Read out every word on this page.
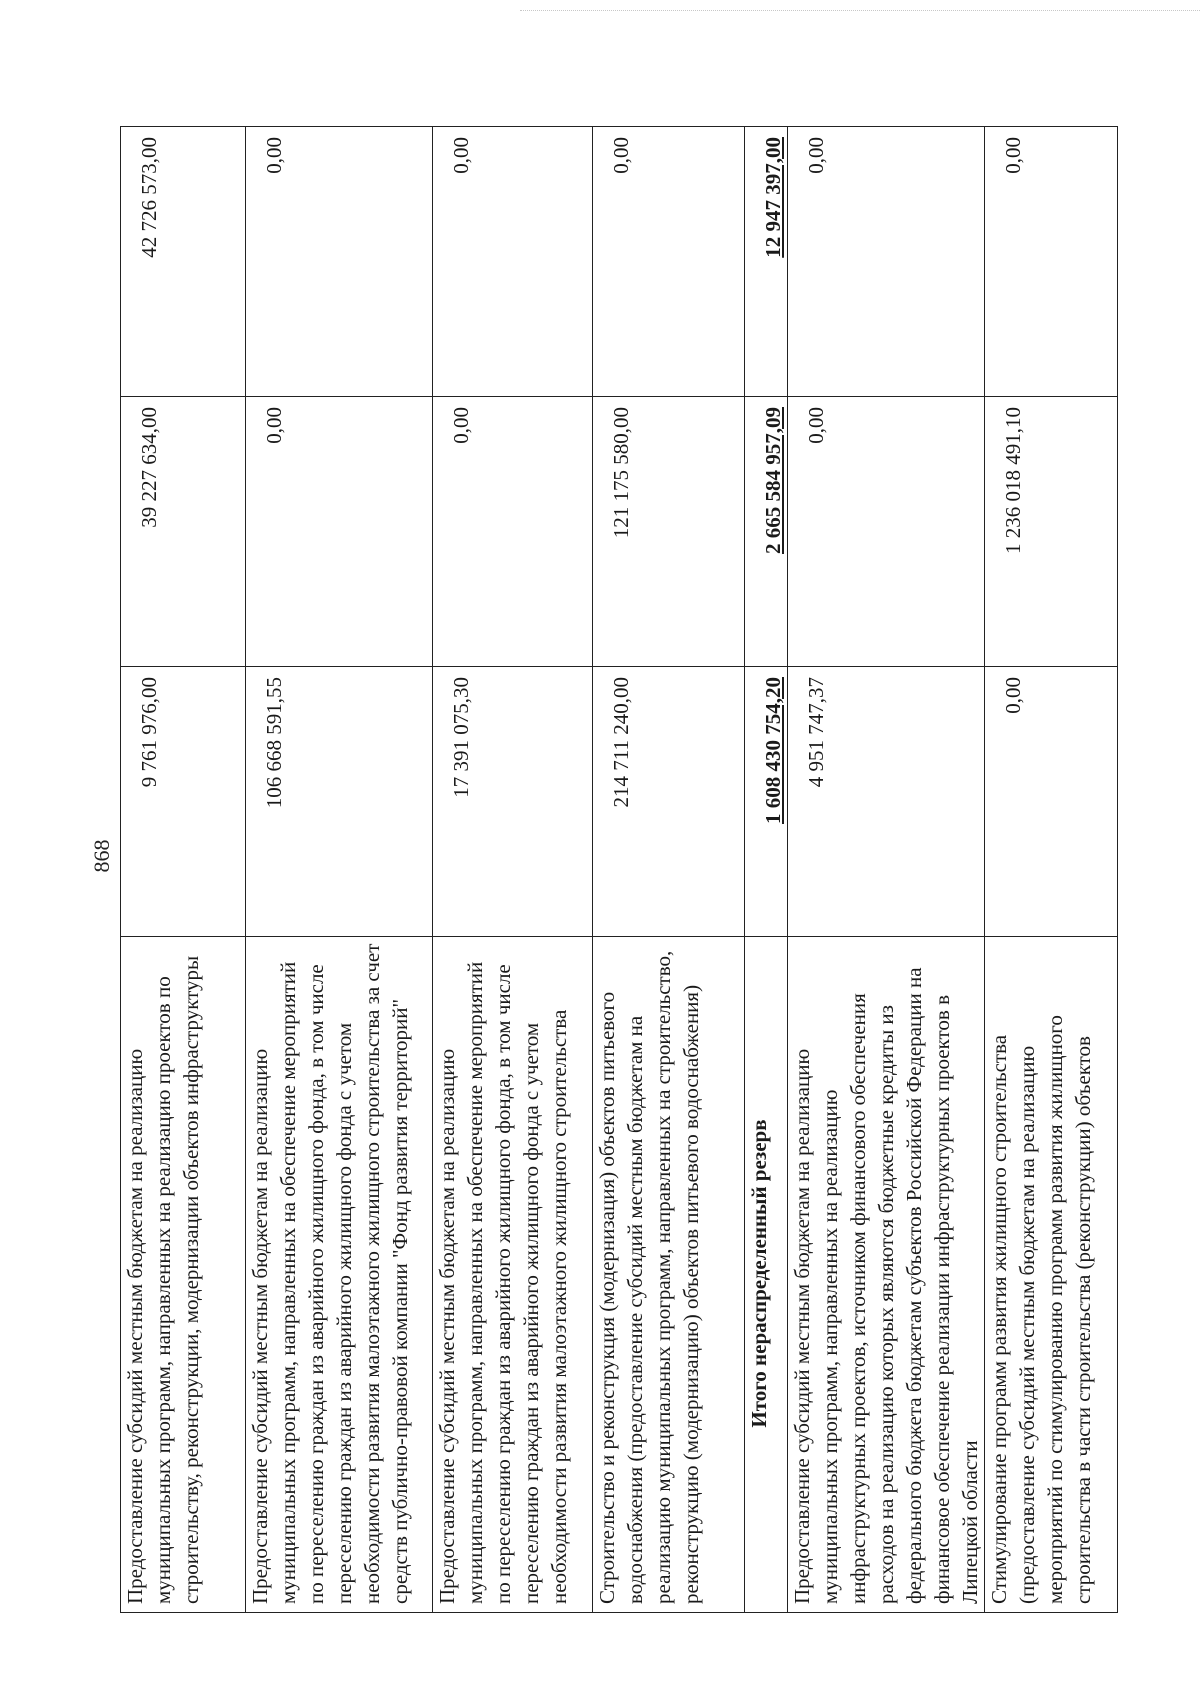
868
Предоставление субсидий местным бюджетам на реализацию муниципальных программ, направленных на реализацию проектов по строительству, реконструкции, модернизации объектов инфраструктуры	9 761 976,00	39 227 634,00	42 726 573,00
Предоставление субсидий местным бюджетам на реализацию муниципальных программ, направленных на обеспечение мероприятий по переселению граждан из аварийного жилищного фонда, в том числе переселению граждан из аварийного жилищного фонда с учетом необходимости развития малоэтажного жилищного строительства за счет средств публично-правовой компании "Фонд развития территорий"	106 668 591,55	0,00	0,00
Предоставление субсидий местным бюджетам на реализацию муниципальных программ, направленных на обеспечение мероприятий по переселению граждан из аварийного жилищного фонда, в том числе переселению граждан из аварийного жилищного фонда с учетом необходимости развития малоэтажного жилищного строительства	17 391 075,30	0,00	0,00
Строительство и реконструкция (модернизация) объектов питьевого водоснабжения (предоставление субсидий местным бюджетам на реализацию муниципальных программ, направленных на строительство, реконструкцию (модернизацию) объектов питьевого водоснабжения)	214 711 240,00	121 175 580,00	0,00
Итого нераспределенный резерв	1 608 430 754,20	2 665 584 957,09	12 947 397,00
Предоставление субсидий местным бюджетам на реализацию муниципальных программ, направленных на реализацию инфраструктурных проектов, источником финансового обеспечения расходов на реализацию которых являются бюджетные кредиты из федерального бюджета бюджетам субъектов Российской Федерации на финансовое обеспечение реализации инфраструктурных проектов в Липецкой области	4 951 747,37	0,00	0,00
Стимулирование программ развития жилищного строительства (предоставление субсидий местным бюджетам на реализацию мероприятий по стимулированию программ развития жилищного строительства в части строительства (реконструкции) объектов	0,00	1 236 018 491,10	0,00
